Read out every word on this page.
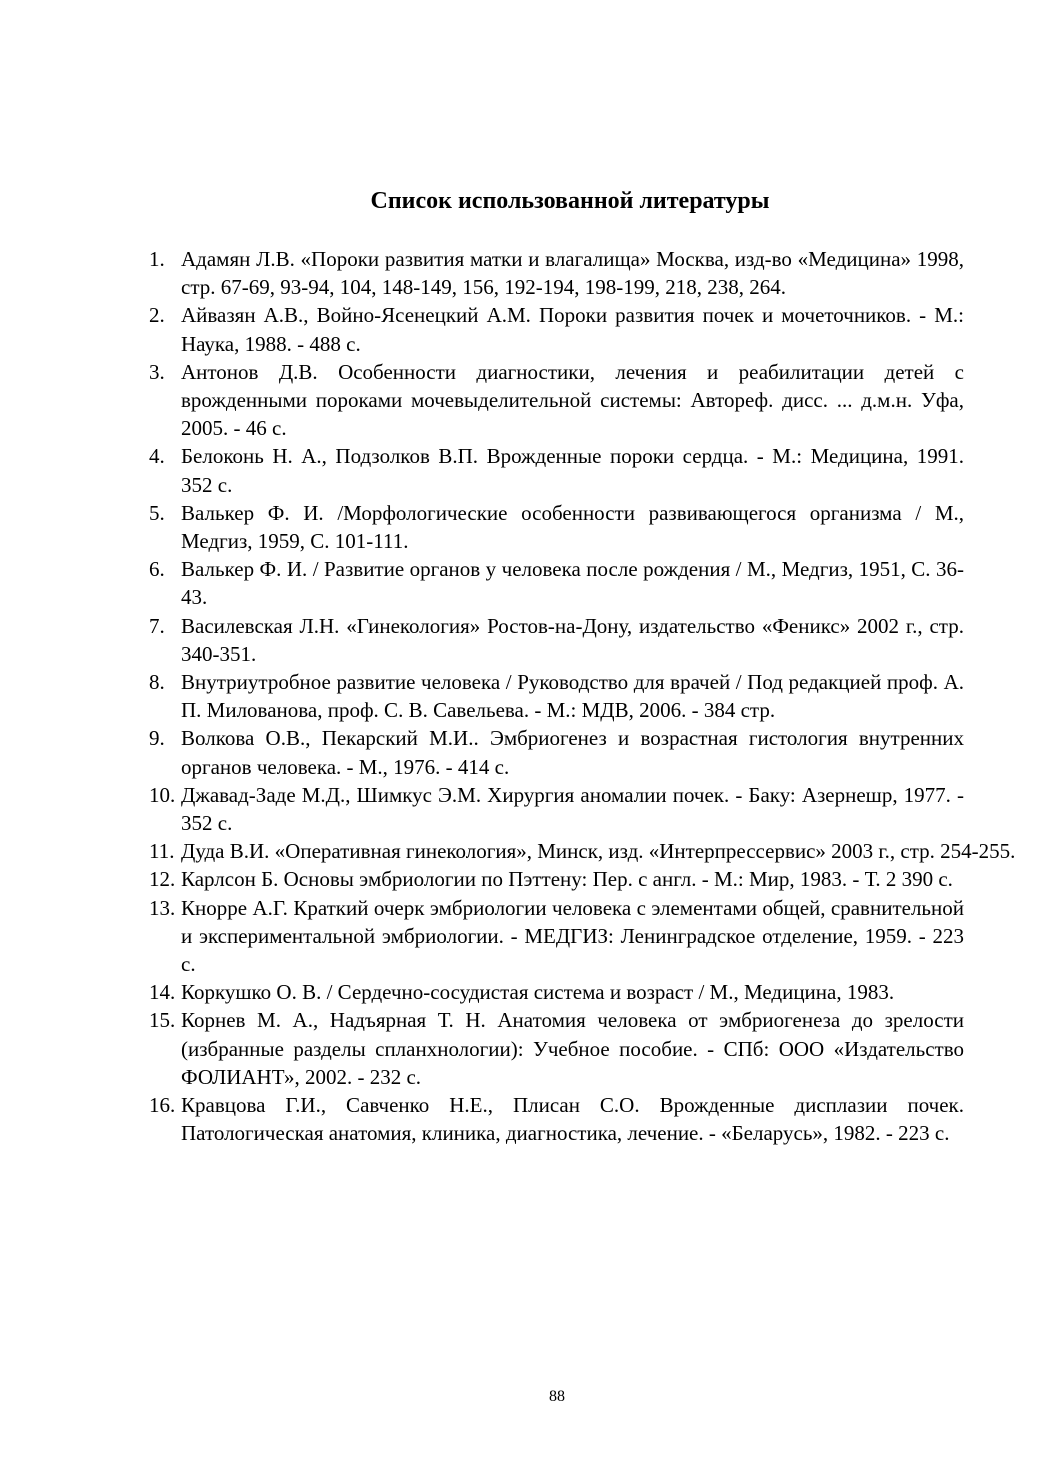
Список использованной литературы
1. Адамян Л.В. «Пороки развития матки и влагалища» Москва, изд-во «Медицина» 1998, стр. 67-69, 93-94, 104, 148-149, 156, 192-194, 198-199, 218, 238, 264.
2. Айвазян А.В., Войно-Ясенецкий А.М. Пороки развития почек и мочеточников. - М.: Наука, 1988. - 488 с.
3. Антонов Д.В. Особенности диагностики, лечения и реабилитации детей с врожденными пороками мочевыделительной системы: Автореф. дисс. ... д.м.н. Уфа, 2005. - 46 с.
4. Белоконь Н. А., Подзолков В.П. Врожденные пороки сердца. - М.: Медицина, 1991. 352 с.
5. Валькер Ф. И. /Морфологические особенности развивающегося организма / М., Медгиз, 1959, С. 101-111.
6. Валькер Ф. И. / Развитие органов у человека после рождения / М., Медгиз, 1951, С. 36-43.
7. Василевская Л.Н. «Гинекология» Ростов-на-Дону, издательство «Феникс» 2002 г., стр. 340-351.
8. Внутриутробное развитие человека / Руководство для врачей / Под редакцией проф. А. П. Милованова, проф. С. В. Савельева. - М.: МДВ, 2006. - 384 стр.
9. Волкова О.В., Пекарский М.И.. Эмбриогенез и возрастная гистология внутренних органов человека. - М., 1976. - 414 с.
10. Джавад-Заде М.Д., Шимкус Э.М. Хирургия аномалии почек. - Баку: Азернешр, 1977. - 352 с.
11. Дуда В.И. «Оперативная гинекология», Минск, изд. «Интерпрессервис» 2003 г., стр. 254-255.
12. Карлсон Б. Основы эмбриологии по Пэттену: Пер. с англ. - М.: Мир, 1983. - Т. 2 390 с.
13. Кнорре А.Г. Краткий очерк эмбриологии человека с элементами общей, сравнительной и экспериментальной эмбриологии. - МЕДГИЗ: Ленинградское отделение, 1959. - 223 с.
14. Коркушко О. В. / Сердечно-сосудистая система и возраст / М., Медицина, 1983.
15. Корнев М. А., Надъярная Т. Н. Анатомия человека от эмбриогенеза до зрелости (избранные разделы спланхнологии): Учебное пособие. - СПб: ООО «Издательство ФОЛИАНТ», 2002. - 232 с.
16. Кравцова Г.И., Савченко Н.Е., Плисан С.О. Врожденные дисплазии почек. Патологическая анатомия, клиника, диагностика, лечение. - «Беларусь», 1982. - 223 с.
88
